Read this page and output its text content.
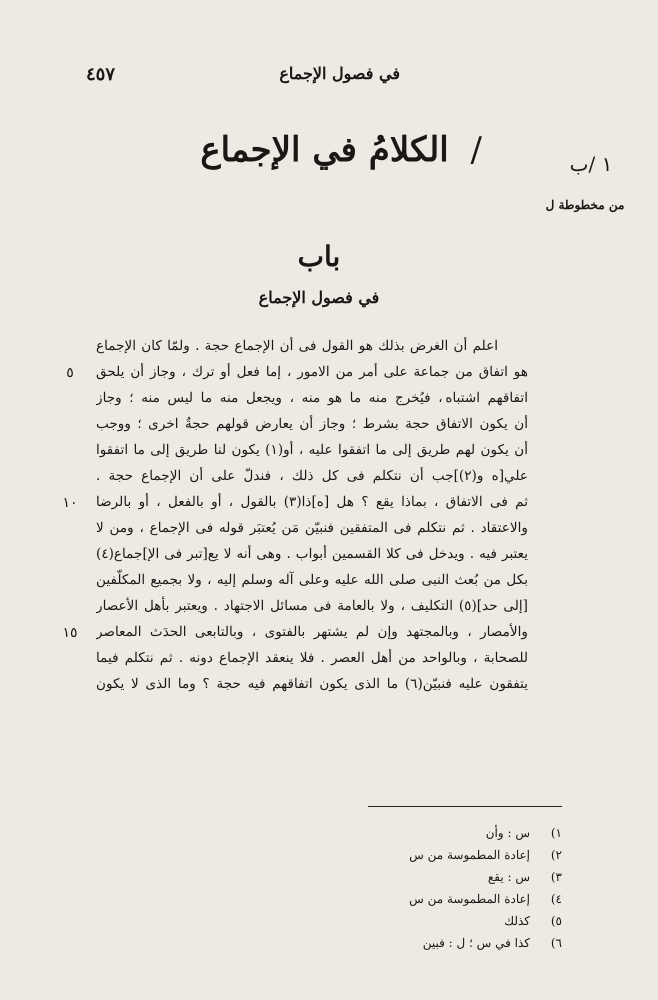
في فصول الإجماع
٤٥٧
/ الكلامُ في الإجماع	١ /ب
من مخطوطة ل
باب
في فصول الإجماع
اعلم أن الغرض بذلك هو القول فى أن الإجماع حجة . ولمّا كان الإجماع
هو اتفاق من جماعة على أمر من الامور ، إما فعل أو ترك ، وجاز أن يلحق
اتفاقهم اشتباه ، فيُخرج منه ما هو منه ، ويجعل منه ما ليس منه ؛ وجاز
أن يكون الاتفاق حجة بشرط ؛ وجاز أن يعارض قولهم حجةٌ اخرى ؛ ووجب
أن يكون لهم طريق إلى ما اتفقوا عليه ، أو(١) يكون لنا طريق إلى ما اتفقوا
علي[ه و(٢)]جب أن نتكلم فى كل ذلك ، فندلّ على أن الإجماع حجة .
ثم فى الاتفاق ، بماذا يقع ؟ هل [ه]ذا(٣) بالقول ، أو بالفعل ، أو بالرضا
والاعتقاد . ثم نتكلم فى المتفقين فنبيّن مَن يُعتبَر قوله فى الإجماع ، ومن لا
يعتبر فيه . ويدخل فى كلا القسمين أبواب . وهى أنه لا يع[تبر فى الإ]جماع(٤)
بكل من بُعث النبى صلى الله عليه وعلى آله وسلم إليه ، ولا بجميع المكلّفين
[إلى حد](٥) التكليف ، ولا بالعامة فى مسائل الاجتهاد . ويعتبر بأهل الأعصار
والأمصار ، وبالمجتهد وإن لم يشتهر بالفتوى ، وبالتابعى الحدَث المعاصر
للصحابة ، وبالواحد من أهل العصر . فلا ينعقد الإجماع دونه . ثم نتكلم فيما
يتفقون عليه فنبيّن(٦) ما الذى يكون اتفاقهم فيه حجة ؟ وما الذى لا يكون
٥
١٠
١٥
١)س : وأن
٢)إعادة المطموسة من س
٣)س : يقع
٤)إعادة المطموسة من س
٥)كذلك
٦)كذا في س ؛ ل : فبين
